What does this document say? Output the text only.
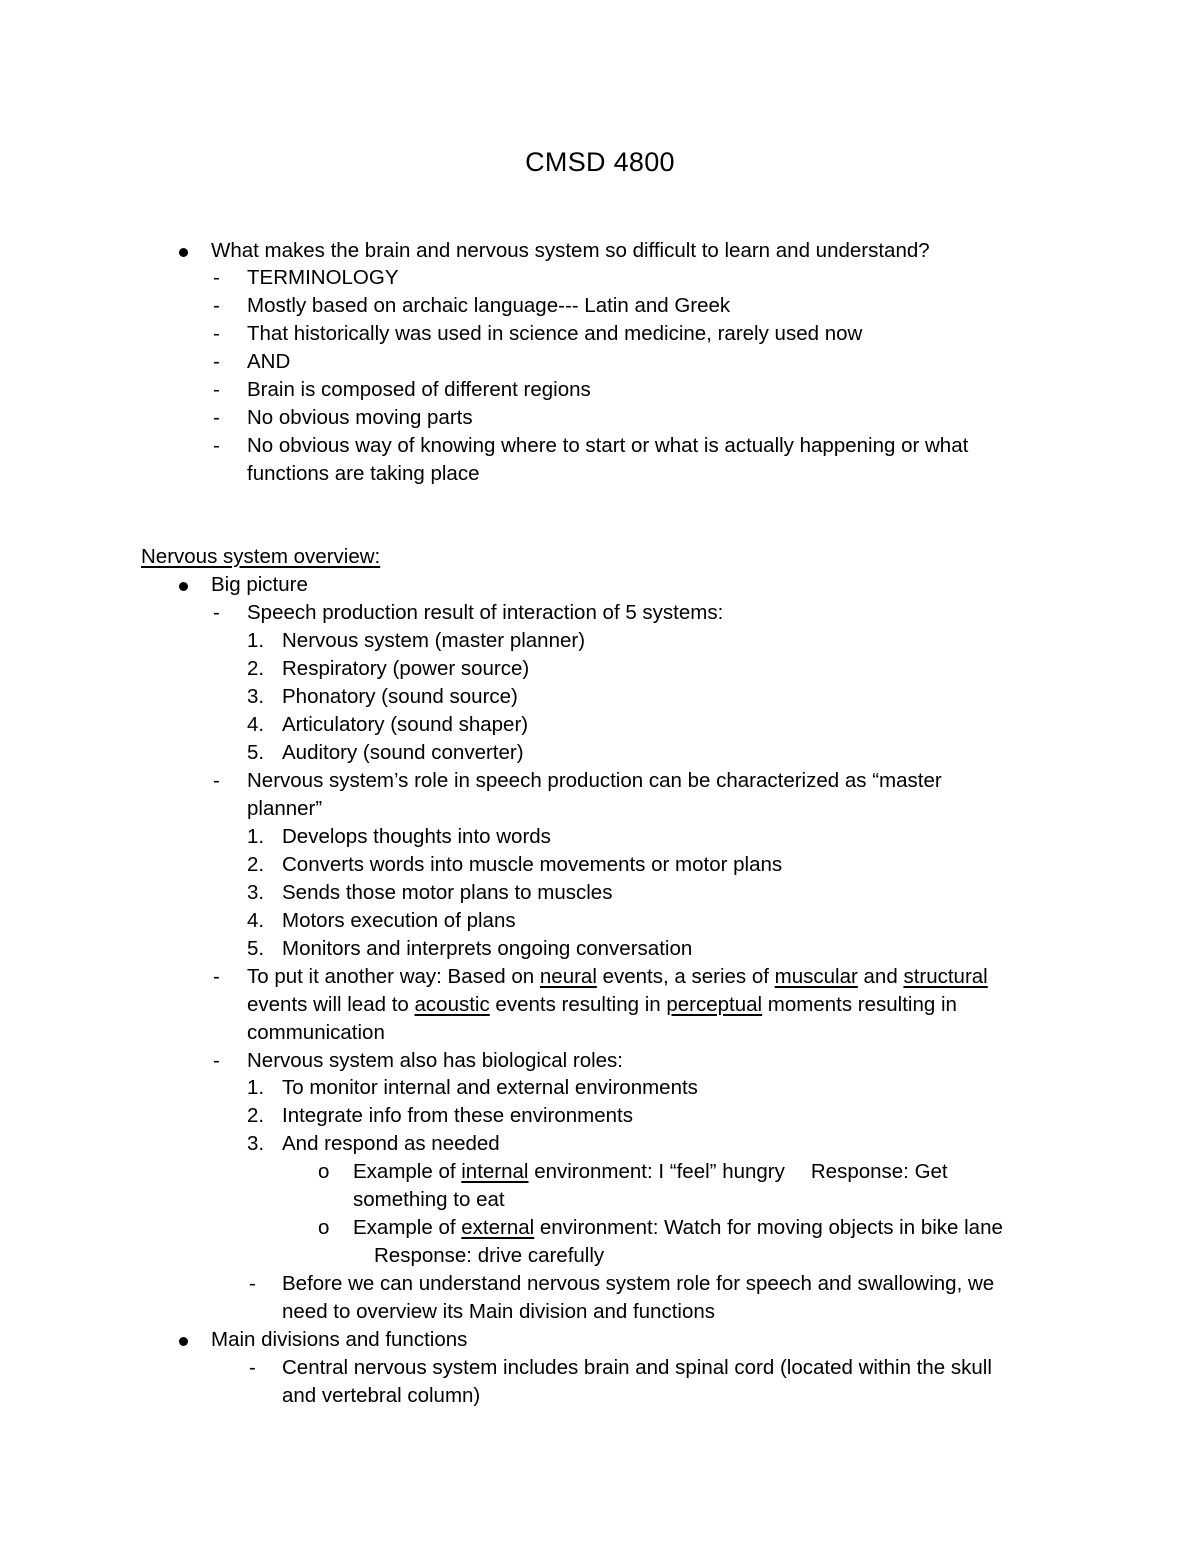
CMSD 4800
What makes the brain and nervous system so difficult to learn and understand?
- TERMINOLOGY
- Mostly based on archaic language--- Latin and Greek
- That historically was used in science and medicine, rarely used now
- AND
- Brain is composed of different regions
- No obvious moving parts
- No obvious way of knowing where to start or what is actually happening or what
functions are taking place
Nervous system overview:
Big picture
- Speech production result of interaction of 5 systems:
1. Nervous system (master planner)
2. Respiratory (power source)
3. Phonatory (sound source)
4. Articulatory (sound shaper)
5. Auditory (sound converter)
- Nervous system’s role in speech production can be characterized as “master
planner”
1. Develops thoughts into words
2. Converts words into muscle movements or motor plans
3. Sends those motor plans to muscles
4. Motors execution of plans
5. Monitors and interprets ongoing conversation
- To put it another way: Based on neural events, a series of muscular and structural
events will lead to acoustic events resulting in perceptual moments resulting in
communication
- Nervous system also has biological roles:
1. To monitor internal and external environments
2. Integrate info from these environments
3. And respond as needed
o Example of internal environment: I “feel” hungry Response: Get
something to eat
o Example of external environment: Watch for moving objects in bike lane
Response: drive carefully
- Before we can understand nervous system role for speech and swallowing, we
need to overview its Main division and functions
Main divisions and functions
- Central nervous system includes brain and spinal cord (located within the skull
and vertebral column)
